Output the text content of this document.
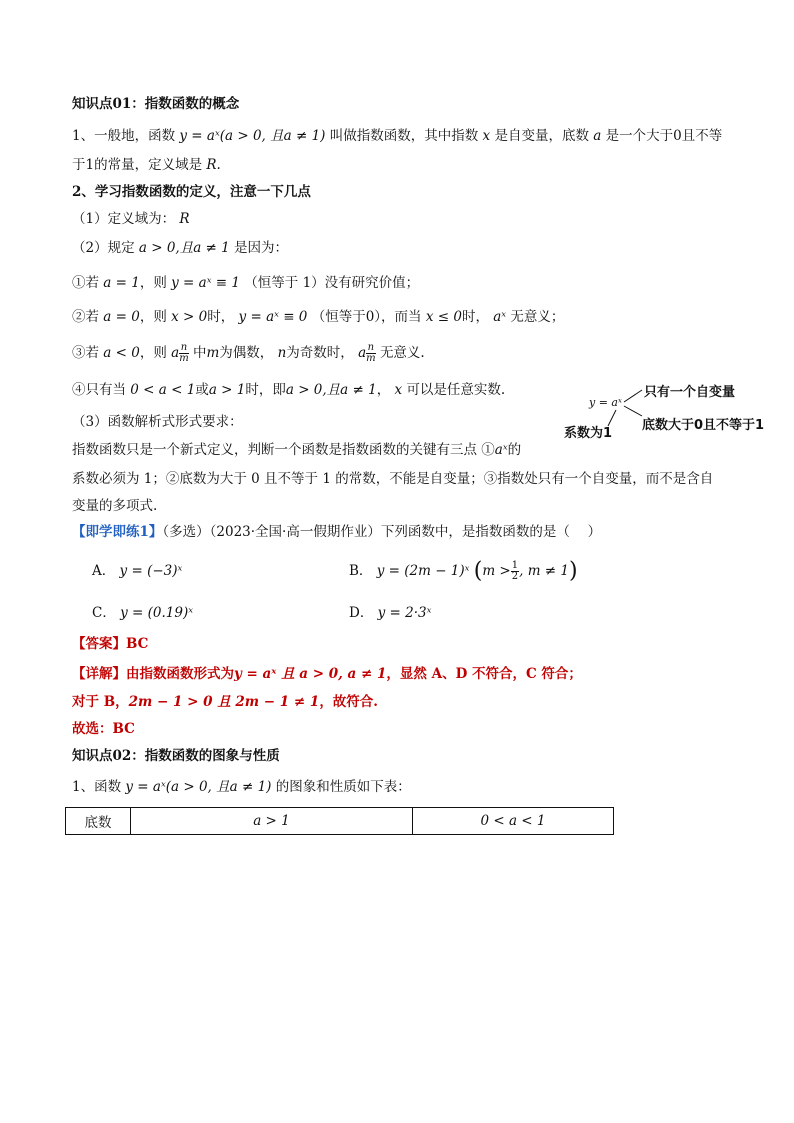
知识点01：指数函数的概念
1、一般地，函数 y = aˣ(a > 0, 且a ≠ 1) 叫做指数函数，其中指数 x 是自变量，底数 a 是一个大于0且不等
于1的常量，定义域是 R.
2、学习指数函数的定义，注意一下几点
（1）定义域为： R
（2）规定 a > 0,且a ≠ 1 是因为：
①若 a = 1，则 y = aˣ ≡ 1 （恒等于 1）没有研究价值；
②若 a = 0，则 x > 0时， y = aˣ ≡ 0 （恒等于0），而当 x ≤ 0时， aˣ 无意义；
③若 a < 0，则 a $\frac{n}{m}$ 中m为偶数， n为奇数时， a $\frac{n}{m}$ 无意义.
④只有当 0 < a < 1或a > 1时，即a > 0,且a ≠ 1， x 可以是任意实数.
（3）函数解析式形式要求：
指数函数只是一个新式定义，判断一个函数是指数函数的关键有三点 ①aˣ的
系数必须为 1；②底数为大于 0 且不等于 1 的常数，不能是自变量；③指数处只有一个自变量，而不是含自
变量的多项式.
y = aˣ
只有一个自变量
底数大于0且不等于1
系数为1
【即学即练1】（多选）（2023·全国·高一假期作业）下列函数中，是指数函数的是（　 ）
A． y = (−3)ˣ	B． y = (2m − 1)ˣ ($m > \frac{1}{2}$ , m ≠ 1)
C． y = (0.19)ˣ	D． y = 2·3ˣ
【答案】BC
【详解】由指数函数形式为y = aˣ 且 a > 0, a ≠ 1，显然 A、D 不符合，C 符合；
对于 B，2m − 1 > 0 且 2m − 1 ≠ 1，故符合.
故选：BC
知识点02：指数函数的图象与性质
1、函数 y = aˣ(a > 0, 且a ≠ 1) 的图象和性质如下表：
底数	a > 1	0 < a < 1
